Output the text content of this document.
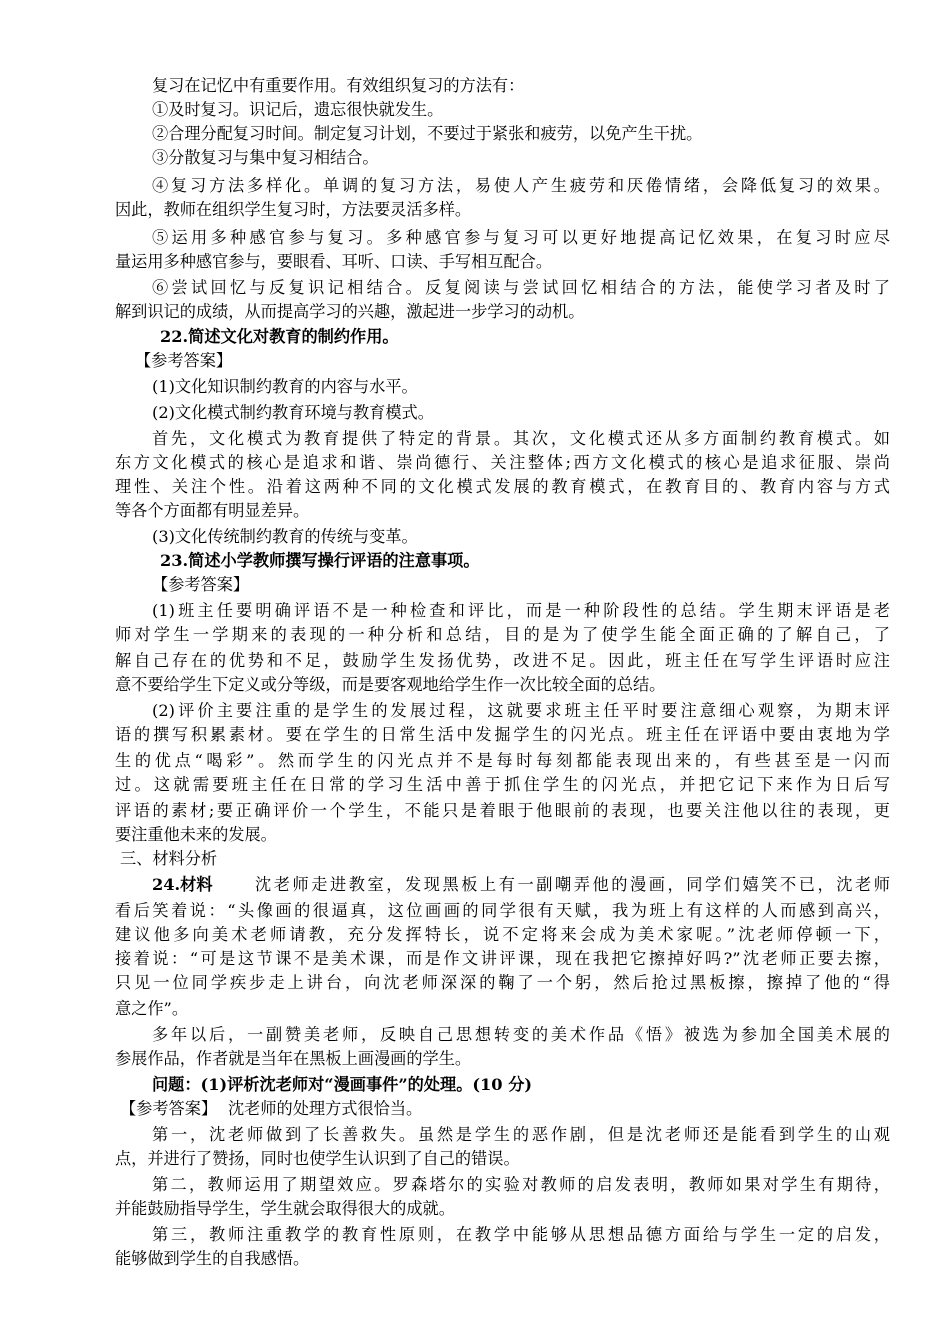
复习在记忆中有重要作用。有效组织复习的方法有：
①及时复习。识记后，遗忘很快就发生。
②合理分配复习时间。制定复习计划，不要过于紧张和疲劳，以免产生干扰。
③分散复习与集中复习相结合。
④复习方法多样化。单调的复习方法，易使人产生疲劳和厌倦情绪，会降低复习的效果。
因此，教师在组织学生复习时，方法要灵活多样。
⑤运用多种感官参与复习。多种感官参与复习可以更好地提高记忆效果，在复习时应尽
量运用多种感官参与，要眼看、耳听、口读、手写相互配合。
⑥尝试回忆与反复识记相结合。反复阅读与尝试回忆相结合的方法，能使学习者及时了
解到识记的成绩，从而提高学习的兴趣，激起进一步学习的动机。
22.简述文化对教育的制约作用。
【参考答案】
(1)文化知识制约教育的内容与水平。
(2)文化模式制约教育环境与教育模式。
首先，文化模式为教育提供了特定的背景。其次，文化模式还从多方面制约教育模式。如
东方文化模式的核心是追求和谐、崇尚德行、关注整体;西方文化模式的核心是追求征服、崇尚
理性、关注个性。沿着这两种不同的文化模式发展的教育模式，在教育目的、教育内容与方式
等各个方面都有明显差异。
(3)文化传统制约教育的传统与变革。
23.简述小学教师撰写操行评语的注意事项。
【参考答案】
(1)班主任要明确评语不是一种检查和评比，而是一种阶段性的总结。学生期末评语是老
师对学生一学期来的表现的一种分析和总结，目的是为了使学生能全面正确的了解自己，了
解自己存在的优势和不足，鼓励学生发扬优势，改进不足。因此，班主任在写学生评语时应注
意不要给学生下定义或分等级，而是要客观地给学生作一次比较全面的总结。
(2)评价主要注重的是学生的发展过程，这就要求班主任平时要注意细心观察，为期末评
语的撰写积累素材。要在学生的日常生活中发掘学生的闪光点。班主任在评语中要由衷地为学
生的优点“喝彩”。然而学生的闪光点并不是每时每刻都能表现出来的，有些甚至是一闪而
过。这就需要班主任在日常的学习生活中善于抓住学生的闪光点，并把它记下来作为日后写
评语的素材;要正确评价一个学生，不能只是着眼于他眼前的表现，也要关注他以往的表现，更
要注重他未来的发展。
三、材料分析
24.材料	沈老师走进教室，发现黑板上有一副嘲弄他的漫画，同学们嬉笑不已，沈老师
看后笑着说：“头像画的很逼真，这位画画的同学很有天赋，我为班上有这样的人而感到高兴，
建议他多向美术老师请教，充分发挥特长，说不定将来会成为美术家呢。”沈老师停顿一下，
接着说：“可是这节课不是美术课，而是作文讲评课，现在我把它擦掉好吗?”沈老师正要去擦，
只见一位同学疾步走上讲台，向沈老师深深的鞠了一个躬，然后抢过黑板擦，擦掉了他的“得
意之作”。
多年以后，一副赞美老师，反映自己思想转变的美术作品《悟》被选为参加全国美术展的
参展作品，作者就是当年在黑板上画漫画的学生。
问题：(1)评析沈老师对“漫画事件”的处理。(10 分)
【参考答案】 沈老师的处理方式很恰当。
第一，沈老师做到了长善救失。虽然是学生的恶作剧，但是沈老师还是能看到学生的山观
点，并进行了赞扬，同时也使学生认识到了自己的错误。
第二，教师运用了期望效应。罗森塔尔的实验对教师的启发表明，教师如果对学生有期待，
并能鼓励指导学生，学生就会取得很大的成就。
第三，教师注重教学的教育性原则，在教学中能够从思想品德方面给与学生一定的启发，
能够做到学生的自我感悟。
